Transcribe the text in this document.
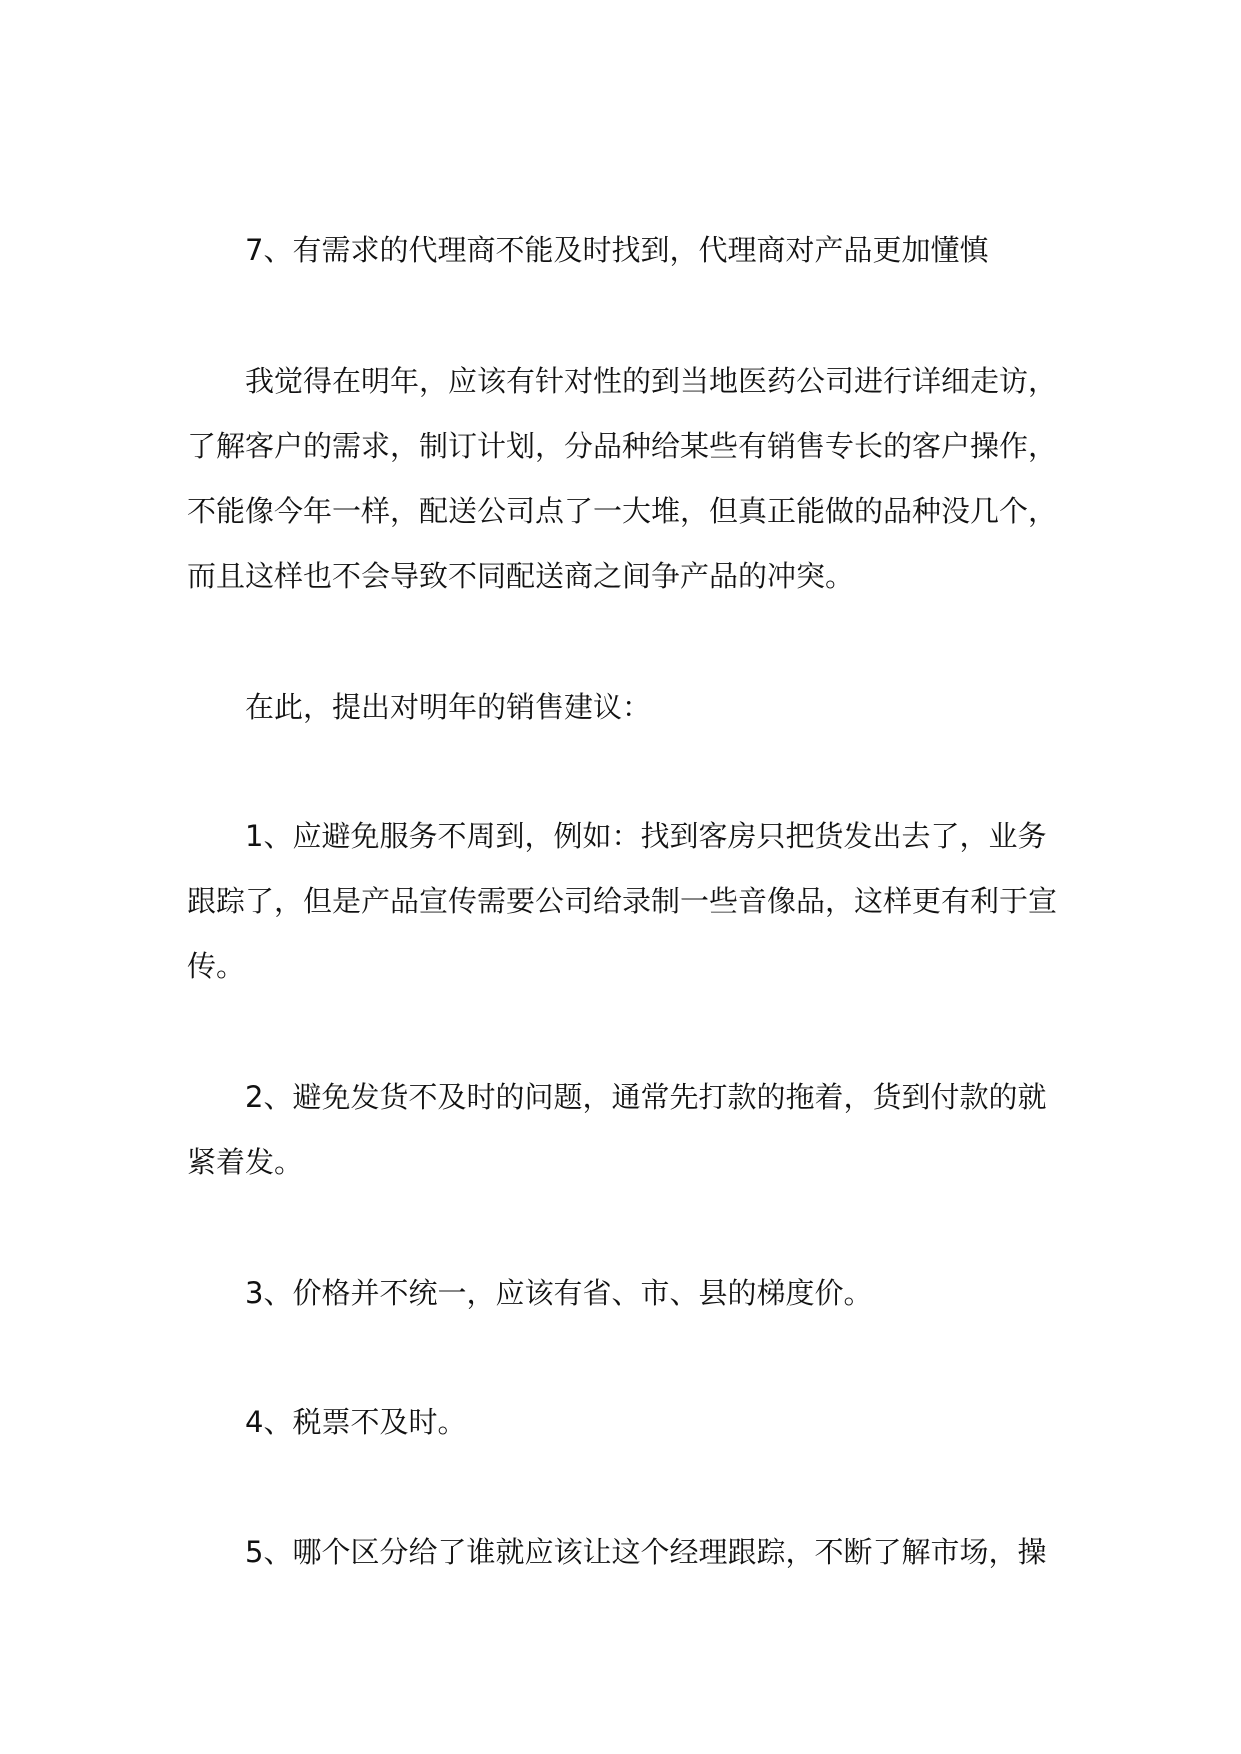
7、有需求的代理商不能及时找到，代理商对产品更加懂慎

我觉得在明年，应该有针对性的到当地医药公司进行详细走访，了解客户的需求，制订计划，分品种给某些有销售专长的客户操作，不能像今年一样，配送公司点了一大堆，但真正能做的品种没几个，而且这样也不会导致不同配送商之间争产品的冲突。

在此，提出对明年的销售建议：

1、应避免服务不周到，例如：找到客房只把货发出去了，业务跟踪了，但是产品宣传需要公司给录制一些音像品，这样更有利于宣传。

2、避免发货不及时的问题，通常先打款的拖着，货到付款的就紧着发。

3、价格并不统一，应该有省、市、县的梯度价。

4、税票不及时。

5、哪个区分给了谁就应该让这个经理跟踪，不断了解市场，操
